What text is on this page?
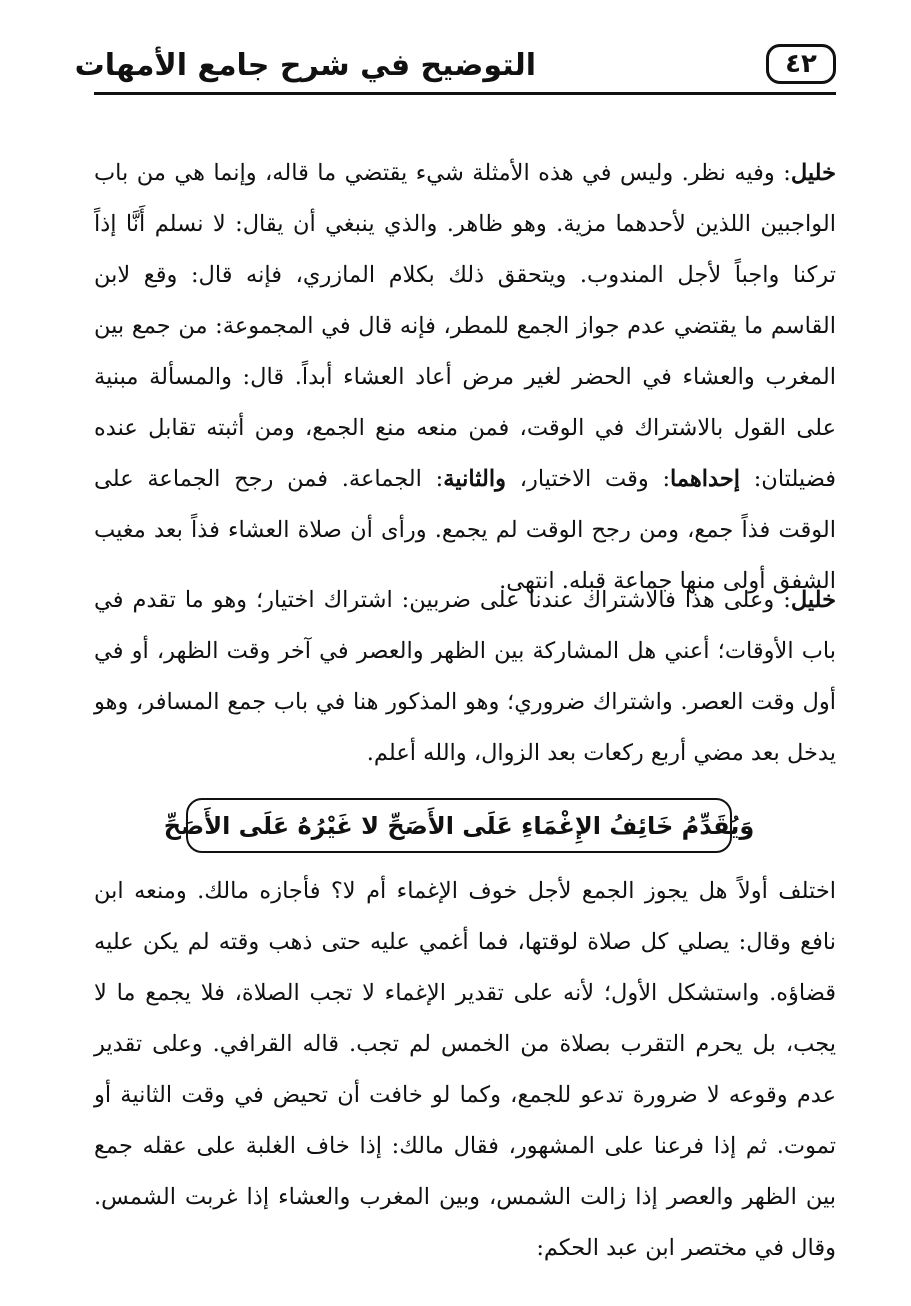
التوضيح في شرح جامع الأمهات	٤٢
خليل: وفيه نظر. وليس في هذه الأمثلة شيء يقتضي ما قاله، وإنما هي من باب الواجبين اللذين لأحدهما مزية. وهو ظاهر. والذي ينبغي أن يقال: لا نسلم أَنَّا إذاً تركنا واجباً لأجل المندوب. ويتحقق ذلك بكلام المازري، فإنه قال: وقع لابن القاسم ما يقتضي عدم جواز الجمع للمطر، فإنه قال في المجموعة: من جمع بين المغرب والعشاء في الحضر لغير مرض أعاد العشاء أبداً. قال: والمسألة مبنية على القول بالاشتراك في الوقت، فمن منعه منع الجمع، ومن أثبته تقابل عنده فضيلتان: إحداهما: وقت الاختيار، والثانية: الجماعة. فمن رجح الجماعة على الوقت فذاً جمع، ومن رجح الوقت لم يجمع. ورأى أن صلاة العشاء فذاً بعد مغيب الشفق أولى منها جماعة قبله. انتهى.
خليل: وعلى هذا فالاشتراك عندنا على ضربين: اشتراك اختيار؛ وهو ما تقدم في باب الأوقات؛ أعني هل المشاركة بين الظهر والعصر في آخر وقت الظهر، أو في أول وقت العصر. واشتراك ضروري؛ وهو المذكور هنا في باب جمع المسافر، وهو يدخل بعد مضي أربع ركعات بعد الزوال، والله أعلم.
وَيُقَدِّمُ خَائِفُ الإِغْمَاءِ عَلَى الأَصَحِّ لا غَيْرُهُ عَلَى الأَصَحِّ
اختلف أولاً هل يجوز الجمع لأجل خوف الإغماء أم لا؟ فأجازه مالك. ومنعه ابن نافع وقال: يصلي كل صلاة لوقتها، فما أغمي عليه حتى ذهب وقته لم يكن عليه قضاؤه. واستشكل الأول؛ لأنه على تقدير الإغماء لا تجب الصلاة، فلا يجمع ما لا يجب، بل يحرم التقرب بصلاة من الخمس لم تجب. قاله القرافي. وعلى تقدير عدم وقوعه لا ضرورة تدعو للجمع، وكما لو خافت أن تحيض في وقت الثانية أو تموت. ثم إذا فرعنا على المشهور، فقال مالك: إذا خاف الغلبة على عقله جمع بين الظهر والعصر إذا زالت الشمس، وبين المغرب والعشاء إذا غربت الشمس. وقال في مختصر ابن عبد الحكم:
